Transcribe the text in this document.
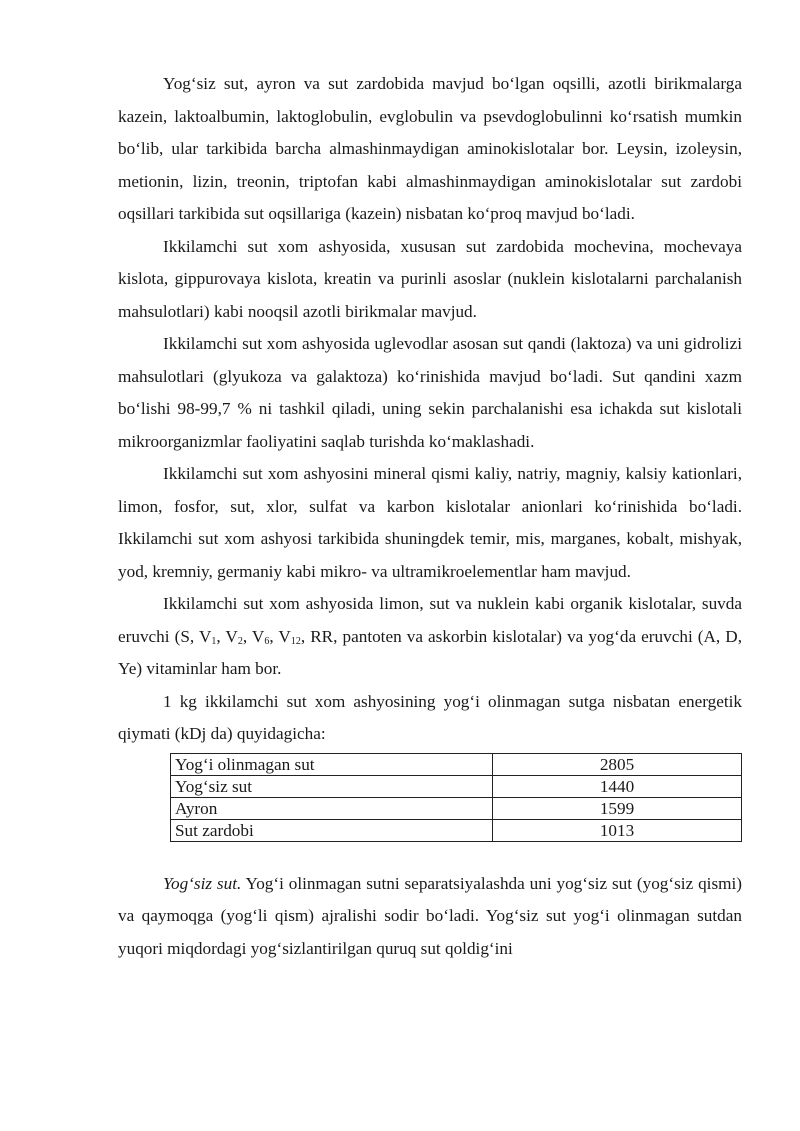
Yog‘siz sut, ayron va sut zardobida mavjud bo‘lgan oqsilli, azotli birikmalarga kazein, laktoalbumin, laktoglobulin, evglobulin va psevdoglobulinni ko‘rsatish mumkin bo‘lib, ular tarkibida barcha almashinmaydigan aminokislotalar bor. Leysin, izoleysin, metionin, lizin, treonin, triptofan kabi almashinmaydigan aminokislotalar sut zardobi oqsillari tarkibida sut oqsillariga (kazein) nisbatan ko‘proq mavjud bo‘ladi.

Ikkilamchi sut xom ashyosida, xususan sut zardobida mochevina, mochevaya kislota, gippurovaya kislota, kreatin va purinli asoslar (nuklein kislotalarni parchalanish mahsulotlari) kabi nooqsil azotli birikmalar mavjud.

Ikkilamchi sut xom ashyosida uglevodlar asosan sut qandi (laktoza) va uni gidrolizi mahsulotlari (glyukoza va galaktoza) ko‘rinishida mavjud bo‘ladi. Sut qandini xazm bo‘lishi 98-99,7 % ni tashkil qiladi, uning sekin parchalanishi esa ichakda sut kislotali mikroorganizmlar faoliyatini saqlab turishda ko‘maklashadi.

Ikkilamchi sut xom ashyosini mineral qismi kaliy, natriy, magniy, kalsiy kationlari, limon, fosfor, sut, xlor, sulfat va karbon kislotalar anionlari ko‘rinishida bo‘ladi. Ikkilamchi sut xom ashyosi tarkibida shuningdek temir, mis, marganes, kobalt, mishyak, yod, kremniy, germaniy kabi mikro- va ultramikroelementlar ham mavjud.

Ikkilamchi sut xom ashyosida limon, sut va nuklein kabi organik kislotalar, suvda eruvchi (S, $V_1$, $V_2$, $V_6$, $V_{12}$, RR, pantoten va askorbin kislotalar) va yog‘da eruvchi (A, D, Ye) vitaminlar ham bor.

1 kg ikkilamchi sut xom ashyosining yog‘i olinmagan sutga nisbatan energetik qiymati (kDj da) quyidagicha:

Yog‘i olinmagan sut	2805
Yog‘siz sut	1440
Ayron	1599
Sut zardobi	1013

Yog‘siz sut. Yog‘i olinmagan sutni separatsiyalashda uni yog‘siz sut (yog‘siz qismi) va qaymoqga (yog‘li qism) ajralishi sodir bo‘ladi. Yog‘siz sut yog‘i olinmagan sutdan yuqori miqdordagi yog‘sizlantirilgan quruq sut qoldig‘ini
